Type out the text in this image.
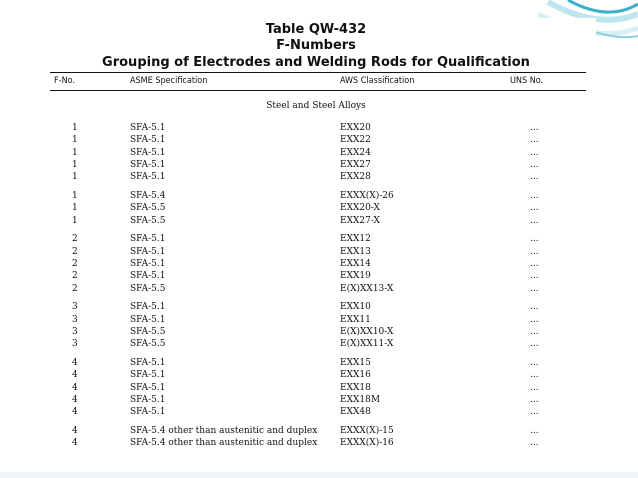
Table QW-432
F-Numbers
Grouping of Electrodes and Welding Rods for Qualification
F-No.	ASME Specification	AWS Classification	UNS No.
Steel and Steel Alloys
1	SFA-5.1	EXX20	...
1	SFA-5.1	EXX22	...
1	SFA-5.1	EXX24	...
1	SFA-5.1	EXX27	...
1	SFA-5.1	EXX28	...
1	SFA-5.4	EXXX(X)-26	...
1	SFA-5.5	EXX20-X	...
1	SFA-5.5	EXX27-X	...
2	SFA-5.1	EXX12	...
2	SFA-5.1	EXX13	...
2	SFA-5.1	EXX14	...
2	SFA-5.1	EXX19	...
2	SFA-5.5	E(X)XX13-X	...
3	SFA-5.1	EXX10	...
3	SFA-5.1	EXX11	...
3	SFA-5.5	E(X)XX10-X	...
3	SFA-5.5	E(X)XX11-X	...
4	SFA-5.1	EXX15	...
4	SFA-5.1	EXX16	...
4	SFA-5.1	EXX18	...
4	SFA-5.1	EXX18M	...
4	SFA-5.1	EXX48	...
4	SFA-5.4 other than austenitic and duplex	EXXX(X)-15	...
4	SFA-5.4 other than austenitic and duplex	EXXX(X)-16	...
